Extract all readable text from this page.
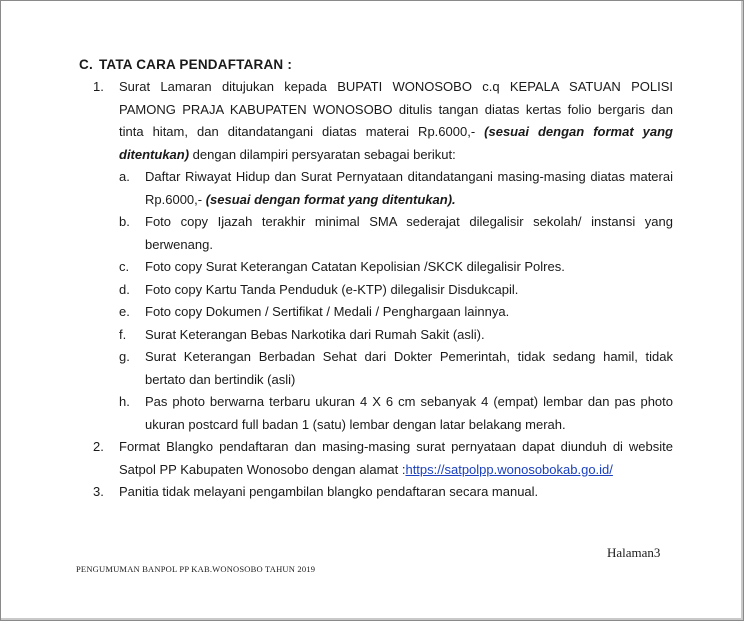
C. TATA CARA PENDAFTARAN :
1. Surat Lamaran ditujukan kepada BUPATI WONOSOBO c.q KEPALA SATUAN POLISI
PAMONG PRAJA KABUPATEN WONOSOBO ditulis tangan diatas kertas folio bergaris dan
tinta hitam, dan ditandatangani diatas materai Rp.6000,- (sesuai dengan format yang
ditentukan) dengan dilampiri persyaratan sebagai berikut:
a. Daftar Riwayat Hidup dan Surat Pernyataan ditandatangani masing-masing diatas materai
Rp.6000,- (sesuai dengan format yang ditentukan).
b. Foto copy Ijazah terakhir minimal SMA sederajat dilegalisir sekolah/ instansi yang
berwenang.
c. Foto copy Surat Keterangan Catatan Kepolisian /SKCK dilegalisir Polres.
d. Foto copy Kartu Tanda Penduduk (e-KTP) dilegalisir Disdukcapil.
e. Foto copy Dokumen / Sertifikat / Medali / Penghargaan lainnya.
f. Surat Keterangan Bebas Narkotika dari Rumah Sakit (asli).
g. Surat Keterangan Berbadan Sehat dari Dokter Pemerintah, tidak sedang hamil, tidak
bertato dan bertindik (asli)
h. Pas photo berwarna terbaru ukuran 4 X 6 cm sebanyak 4 (empat) lembar dan pas photo
ukuran postcard full badan 1 (satu) lembar dengan latar belakang merah.
2. Format Blangko pendaftaran dan masing-masing surat pernyataan dapat diunduh di website
Satpol PP Kabupaten Wonosobo dengan alamat :https://satpolpp.wonosobokab.go.id/
3. Panitia tidak melayani pengambilan blangko pendaftaran secara manual.
Halaman3
PENGUMUMAN BANPOL PP KAB.WONOSOBO TAHUN 2019
